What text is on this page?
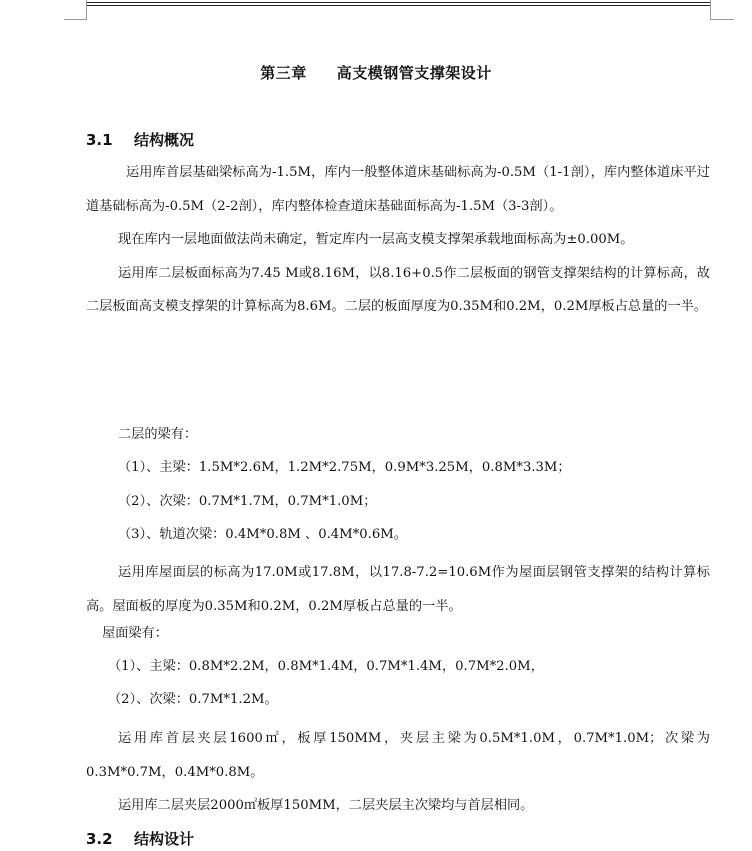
第三章 高支模钢管支撑架设计
3.1 结构概况

运用库首层基础梁标高为-1.5M，库内一般整体道床基础标高为-0.5M（1-1剖），库内整体道床平过道基础标高为-0.5M（2-2剖），库内整体检查道床基础面标高为-1.5M（3-3剖）。

现在库内一层地面做法尚未确定，暂定库内一层高支模支撑架承载地面标高为±0.00M。

运用库二层板面标高为7.45 M或8.16M，以8.16+0.5作二层板面的钢管支撑架结构的计算标高，故二层板面高支模支撑架的计算标高为8.6M。二层的板面厚度为0.35M和0.2M，0.2M厚板占总量的一半。

二层的梁有：
（1）、主梁：1.5M*2.6M，1.2M*2.75M，0.9M*3.25M，0.8M*3.3M；
（2）、次梁：0.7M*1.7M，0.7M*1.0M；
（3）、轨道次梁：0.4M*0.8M 、0.4M*0.6M。

运用库屋面层的标高为17.0M或17.8M，以17.8-7.2=10.6M作为屋面层钢管支撑架的结构计算标高。屋面板的厚度为0.35M和0.2M，0.2M厚板占总量的一半。

屋面梁有：
（1）、主梁：0.8M*2.2M，0.8M*1.4M，0.7M*1.4M，0.7M*2.0M，
（2）、次梁：0.7M*1.2M。

运用库首层夹层1600㎡，板厚150MM，夹层主梁为0.5M*1.0M，0.7M*1.0M；次梁为0.3M*0.7M，0.4M*0.8M。

运用库二层夹层2000㎡板厚150MM，二层夹层主次梁均与首层相同。

3.2 结构设计
